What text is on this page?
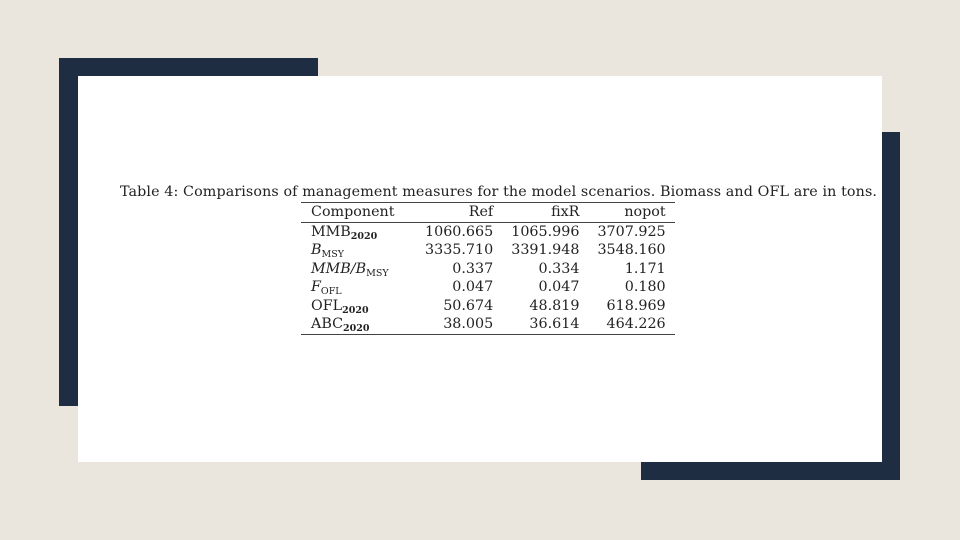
Table 4: Comparisons of management measures for the model scenarios. Biomass and OFL are in tons.
Component	Ref	fixR	nopot
$MMB_{2020}$	1060.665	1065.996	3707.925
$B_{MSY}$	3335.710	3391.948	3548.160
MMB/$B_{MSY}$	0.337	0.334	1.171
$F_{OFL}$	0.047	0.047	0.180
$OFL_{2020}$	50.674	48.819	618.969
$ABC_{2020}$	38.005	36.614	464.226
